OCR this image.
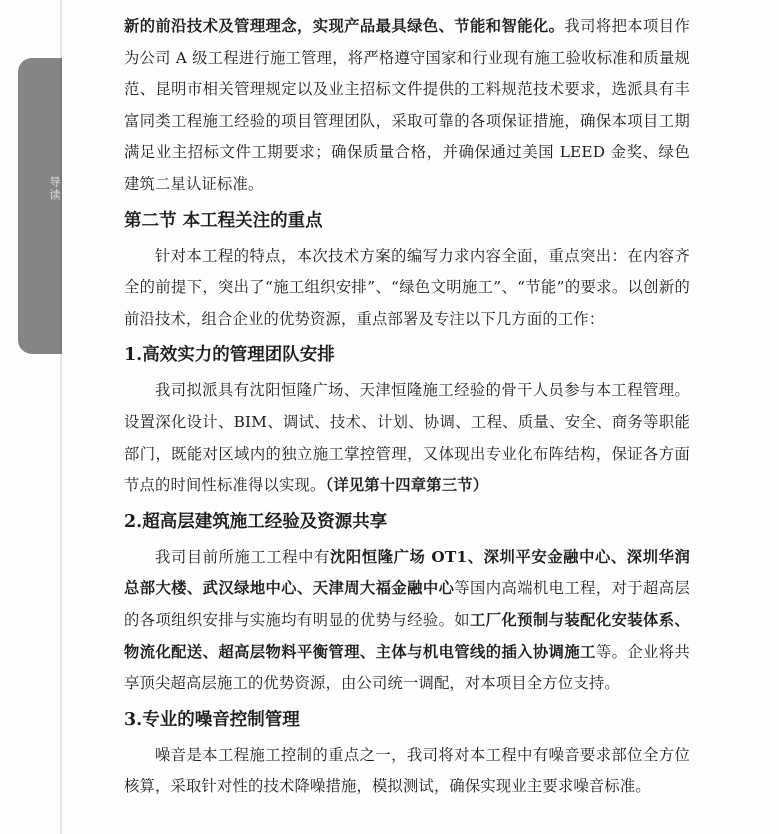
导读

新的前沿技术及管理理念，实现产品最具绿色、节能和智能化。我司将把本项目作为公司 A 级工程进行施工管理，将严格遵守国家和行业现有施工验收标准和质量规范、昆明市相关管理规定以及业主招标文件提供的工料规范技术要求，选派具有丰富同类工程施工经验的项目管理团队，采取可靠的各项保证措施，确保本项目工期满足业主招标文件工期要求；确保质量合格，并确保通过美国 LEED 金奖、绿色建筑二星认证标准。

第二节 本工程关注的重点

针对本工程的特点，本次技术方案的编写力求内容全面，重点突出：在内容齐全的前提下，突出了“施工组织安排”、“绿色文明施工”、“节能”的要求。以创新的前沿技术，组合企业的优势资源，重点部署及专注以下几方面的工作：

1.高效实力的管理团队安排

我司拟派具有沈阳恒隆广场、天津恒隆施工经验的骨干人员参与本工程管理。设置深化设计、BIM、调试、技术、计划、协调、工程、质量、安全、商务等职能部门，既能对区域内的独立施工掌控管理，又体现出专业化布阵结构，保证各方面节点的时间性标准得以实现。（详见第十四章第三节）

2.超高层建筑施工经验及资源共享

我司目前所施工工程中有沈阳恒隆广场 OT1、深圳平安金融中心、深圳华润总部大楼、武汉绿地中心、天津周大福金融中心等国内高端机电工程，对于超高层的各项组织安排与实施均有明显的优势与经验。如工厂化预制与装配化安装体系、物流化配送、超高层物料平衡管理、主体与机电管线的插入协调施工等。企业将共享顶尖超高层施工的优势资源，由公司统一调配，对本项目全方位支持。

3.专业的噪音控制管理

噪音是本工程施工控制的重点之一，我司将对本工程中有噪音要求部位全方位核算，采取针对性的技术降噪措施，模拟测试，确保实现业主要求噪音标准。
